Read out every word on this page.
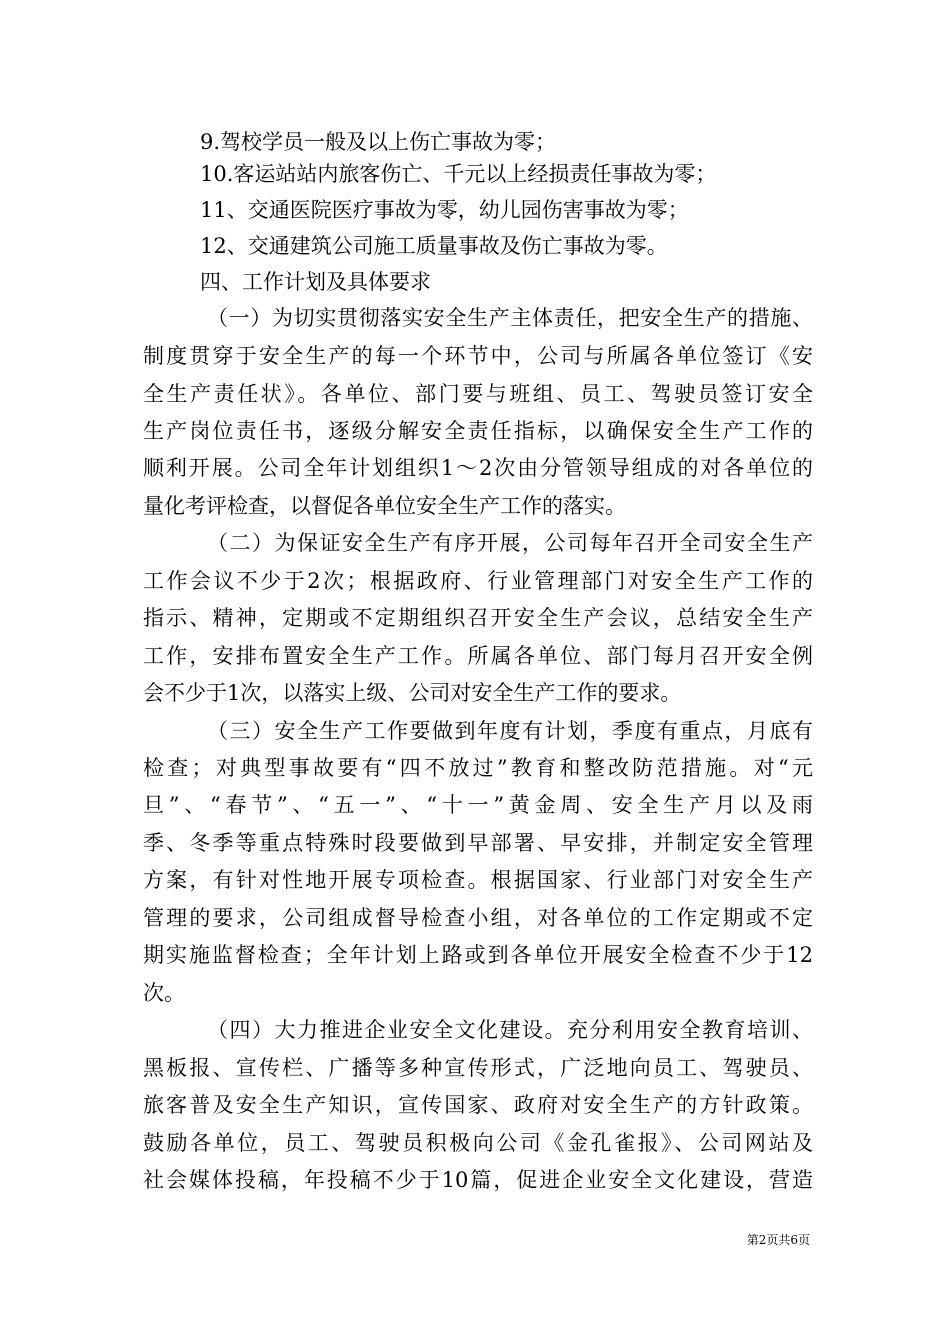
9.驾校学员一般及以上伤亡事故为零；
10.客运站站内旅客伤亡、千元以上经损责任事故为零；
11、交通医院医疗事故为零，幼儿园伤害事故为零；
12、交通建筑公司施工质量事故及伤亡事故为零。
四、工作计划及具体要求
（一）为切实贯彻落实安全生产主体责任，把安全生产的措施、
制度贯穿于安全生产的每一个环节中，公司与所属各单位签订《安
全生产责任状》。各单位、部门要与班组、员工、驾驶员签订安全
生产岗位责任书，逐级分解安全责任指标，以确保安全生产工作的
顺利开展。公司全年计划组织1～2次由分管领导组成的对各单位的
量化考评检查，以督促各单位安全生产工作的落实。
（二）为保证安全生产有序开展，公司每年召开全司安全生产
工作会议不少于2次；根据政府、行业管理部门对安全生产工作的
指示、精神，定期或不定期组织召开安全生产会议，总结安全生产
工作，安排布置安全生产工作。所属各单位、部门每月召开安全例
会不少于1次，以落实上级、公司对安全生产工作的要求。
（三）安全生产工作要做到年度有计划，季度有重点，月底有
检查；对典型事故要有“四不放过”教育和整改防范措施。对“元
旦”、“春节”、“五一”、“十一”黄金周、安全生产月以及雨
季、冬季等重点特殊时段要做到早部署、早安排，并制定安全管理
方案，有针对性地开展专项检查。根据国家、行业部门对安全生产
管理的要求，公司组成督导检查小组，对各单位的工作定期或不定
期实施监督检查；全年计划上路或到各单位开展安全检查不少于12
次。
（四）大力推进企业安全文化建设。充分利用安全教育培训、
黑板报、宣传栏、广播等多种宣传形式，广泛地向员工、驾驶员、
旅客普及安全生产知识，宣传国家、政府对安全生产的方针政策。
鼓励各单位，员工、驾驶员积极向公司《金孔雀报》、公司网站及
社会媒体投稿，年投稿不少于10篇，促进企业安全文化建设，营造
第2页共6页
